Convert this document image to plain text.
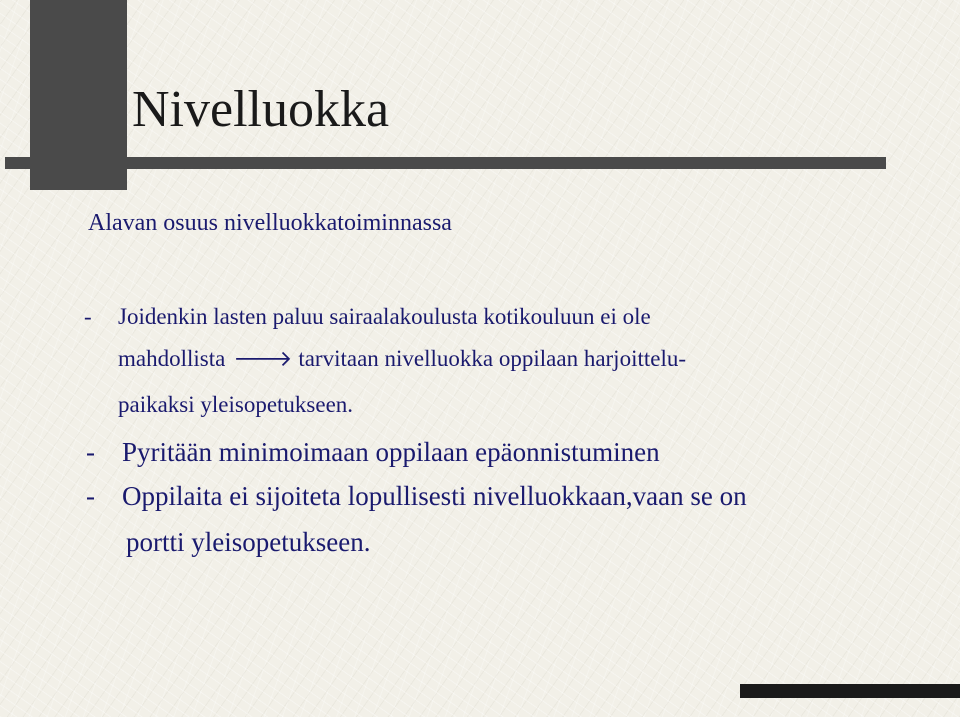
Nivelluokka

Alavan osuus nivelluokkatoiminnassa

- Joidenkin lasten paluu sairaalakoulusta kotikouluun ei ole
mahdollista 🡒 tarvitaan nivelluokka oppilaan harjoittelu-
paikaksi yleisopetukseen.
- Pyritään minimoimaan oppilaan epäonnistuminen
- Oppilaita ei sijoiteta lopullisesti nivelluokkaan,vaan se on
portti yleisopetukseen.
